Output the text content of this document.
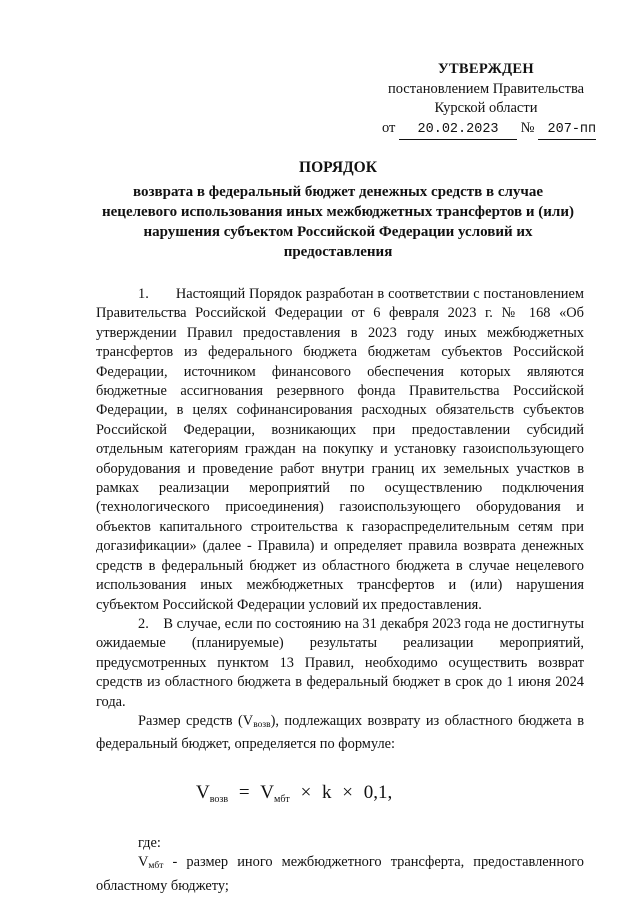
УТВЕРЖДЕН
постановлением Правительства
Курской области
от 20.02.2023 № 207-пп
ПОРЯДОК
возврата в федеральный бюджет денежных средств в случае
нецелевого использования иных межбюджетных трансфертов и (или)
нарушения субъектом Российской Федерации условий их
предоставления

1.       Настоящий Порядок разработан в соответствии с постановлением Правительства Российской Федерации от 6 февраля 2023 г. № 168 «Об утверждении Правил предоставления в 2023 году иных межбюджетных трансфертов из федерального бюджета бюджетам субъектов Российской Федерации, источником финансового обеспечения которых являются бюджетные ассигнования резервного фонда Правительства Российской Федерации, в целях софинансирования расходных обязательств субъектов Российской Федерации, возникающих при предоставлении субсидий отдельным категориям граждан на покупку и установку газоиспользующего оборудования и проведение работ внутри границ их земельных участков в рамках реализации мероприятий по осуществлению подключения (технологического присоединения) газоиспользующего оборудования и объектов капитального строительства к газораспределительным сетям при догазификации» (далее - Правила) и определяет правила возврата денежных средств в федеральный бюджет из областного бюджета в случае нецелевого использования иных межбюджетных трансфертов и (или) нарушения субъектом Российской Федерации условий их предоставления.

2.    В случае, если по состоянию на 31 декабря 2023 года не достигнуты ожидаемые (планируемые) результаты реализации мероприятий, предусмотренных пунктом 13 Правил, необходимо осуществить возврат средств из областного бюджета в федеральный бюджет в срок до 1 июня 2024 года.

Размер средств $(V_{возв})$, подлежащих возврату из областного бюджета в федеральный бюджет, определяется по формуле:

$V_{возв} = V_{мбт} \times k \times 0,1$,

где:

$V_{мбт}$ - размер иного межбюджетного трансферта, предоставленного областному бюджету;
